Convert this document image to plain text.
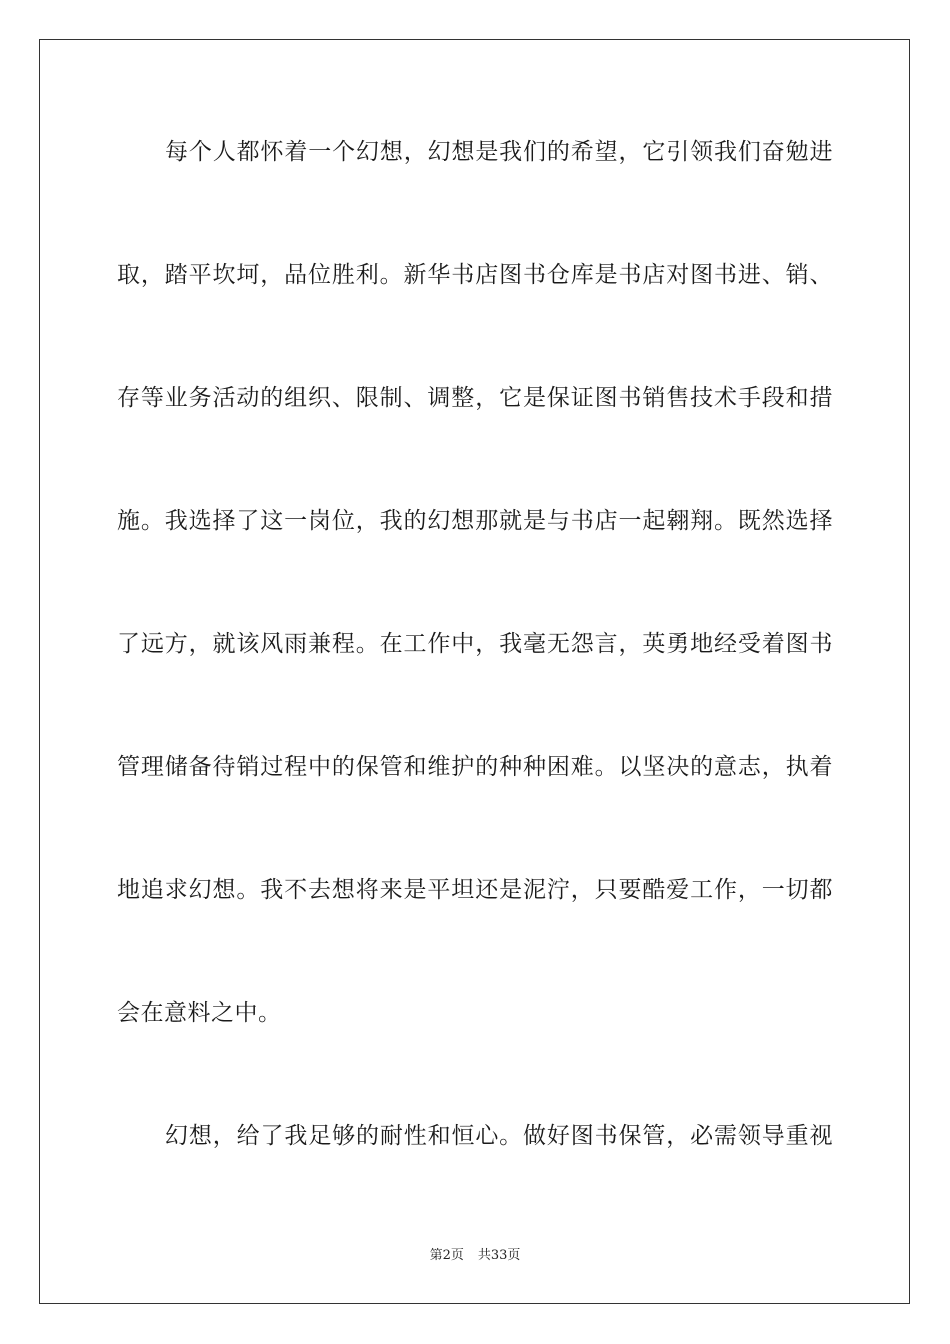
每个人都怀着一个幻想，幻想是我们的希望，它引领我们奋勉进
取，踏平坎坷，品位胜利。新华书店图书仓库是书店对图书进、销、
存等业务活动的组织、限制、调整，它是保证图书销售技术手段和措
施。我选择了这一岗位，我的幻想那就是与书店一起翱翔。既然选择
了远方，就该风雨兼程。在工作中，我毫无怨言，英勇地经受着图书
管理储备待销过程中的保管和维护的种种困难。以坚决的意志，执着
地追求幻想。我不去想将来是平坦还是泥泞，只要酷爱工作，一切都
会在意料之中。
幻想，给了我足够的耐性和恒心。做好图书保管，必需领导重视
第2页 共33页
